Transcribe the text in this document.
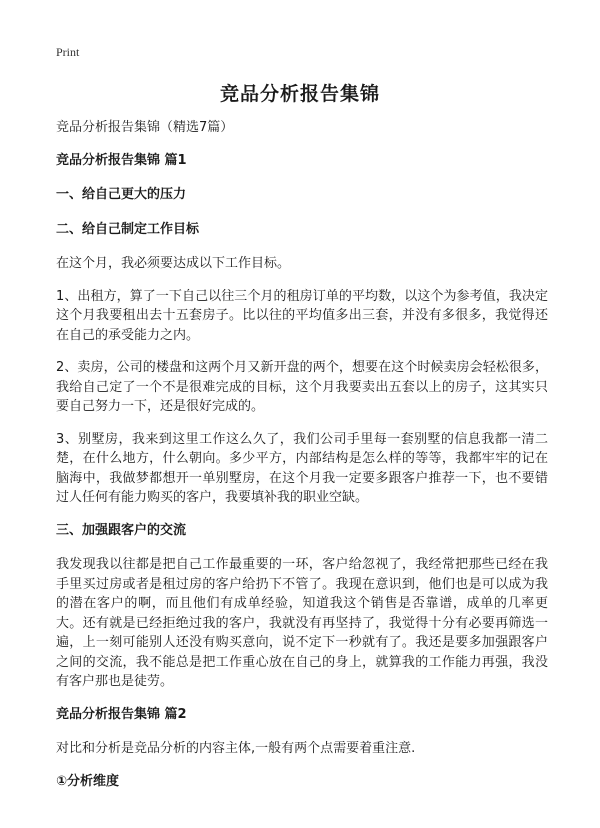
Print
竞品分析报告集锦

竞品分析报告集锦（精选7篇）

竞品分析报告集锦 篇1

一、给自己更大的压力

二、给自己制定工作目标

在这个月，我必须要达成以下工作目标。

1、出租方，算了一下自己以往三个月的租房订单的平均数，以这个为参考值，我决定这个月我要租出去十五套房子。比以往的平均值多出三套，并没有多很多，我觉得还在自己的承受能力之内。

2、卖房，公司的楼盘和这两个月又新开盘的两个，想要在这个时候卖房会轻松很多，我给自己定了一个不是很难完成的目标，这个月我要卖出五套以上的房子，这其实只要自己努力一下，还是很好完成的。

3、别墅房，我来到这里工作这么久了，我们公司手里每一套别墅的信息我都一清二楚，在什么地方，什么朝向。多少平方，内部结构是怎么样的等等，我都牢牢的记在脑海中，我做梦都想开一单别墅房，在这个月我一定要多跟客户推荐一下，也不要错过人任何有能力购买的客户，我要填补我的职业空缺。

三、加强跟客户的交流

我发现我以往都是把自己工作最重要的一环，客户给忽视了，我经常把那些已经在我手里买过房或者是租过房的客户给扔下不管了。我现在意识到，他们也是可以成为我的潜在客户的啊，而且他们有成单经验，知道我这个销售是否靠谱，成单的几率更大。还有就是已经拒绝过我的客户，我就没有再坚持了，我觉得十分有必要再筛选一遍，上一刻可能别人还没有购买意向，说不定下一秒就有了。我还是要多加强跟客户之间的交流，我不能总是把工作重心放在自己的身上，就算我的工作能力再强，我没有客户那也是徒劳。

竞品分析报告集锦 篇2

对比和分析是竞品分析的内容主体,一般有两个点需要着重注意.

①分析维度
